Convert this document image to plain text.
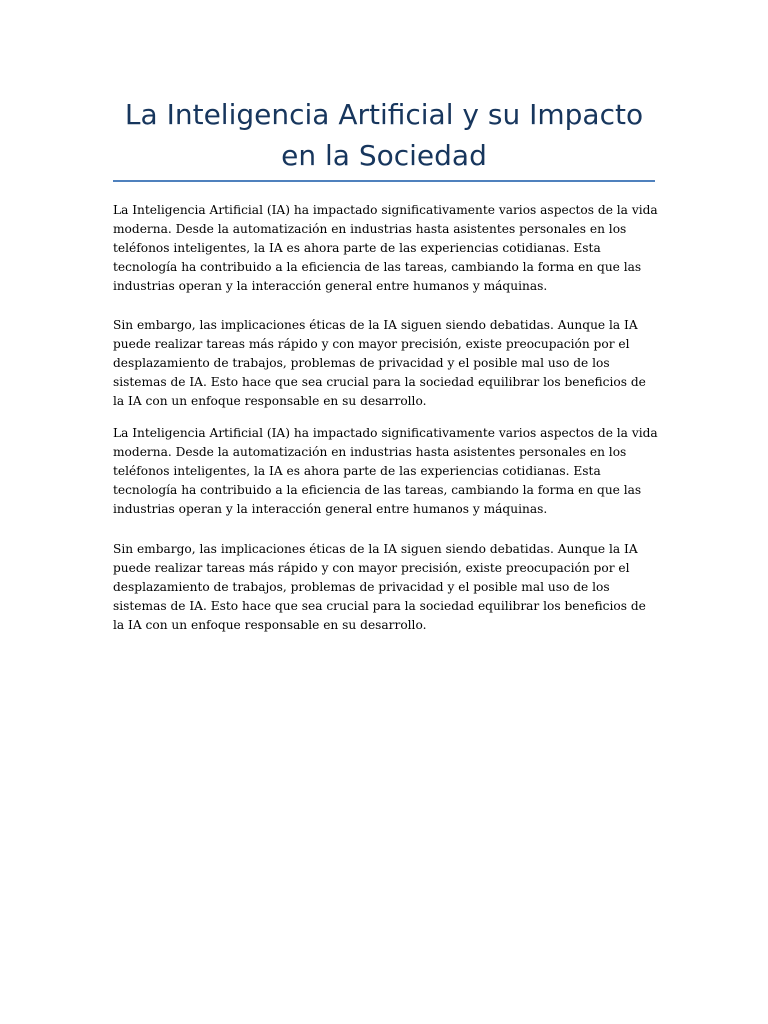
La Inteligencia Artificial y su Impacto en la Sociedad

La Inteligencia Artificial (IA) ha impactado significativamente varios aspectos de la vida moderna. Desde la automatización en industrias hasta asistentes personales en los teléfonos inteligentes, la IA es ahora parte de las experiencias cotidianas. Esta tecnología ha contribuido a la eficiencia de las tareas, cambiando la forma en que las industrias operan y la interacción general entre humanos y máquinas.

Sin embargo, las implicaciones éticas de la IA siguen siendo debatidas. Aunque la IA puede realizar tareas más rápido y con mayor precisión, existe preocupación por el desplazamiento de trabajos, problemas de privacidad y el posible mal uso de los sistemas de IA. Esto hace que sea crucial para la sociedad equilibrar los beneficios de la IA con un enfoque responsable en su desarrollo.

La Inteligencia Artificial (IA) ha impactado significativamente varios aspectos de la vida moderna. Desde la automatización en industrias hasta asistentes personales en los teléfonos inteligentes, la IA es ahora parte de las experiencias cotidianas. Esta tecnología ha contribuido a la eficiencia de las tareas, cambiando la forma en que las industrias operan y la interacción general entre humanos y máquinas.

Sin embargo, las implicaciones éticas de la IA siguen siendo debatidas. Aunque la IA puede realizar tareas más rápido y con mayor precisión, existe preocupación por el desplazamiento de trabajos, problemas de privacidad y el posible mal uso de los sistemas de IA. Esto hace que sea crucial para la sociedad equilibrar los beneficios de la IA con un enfoque responsable en su desarrollo.
